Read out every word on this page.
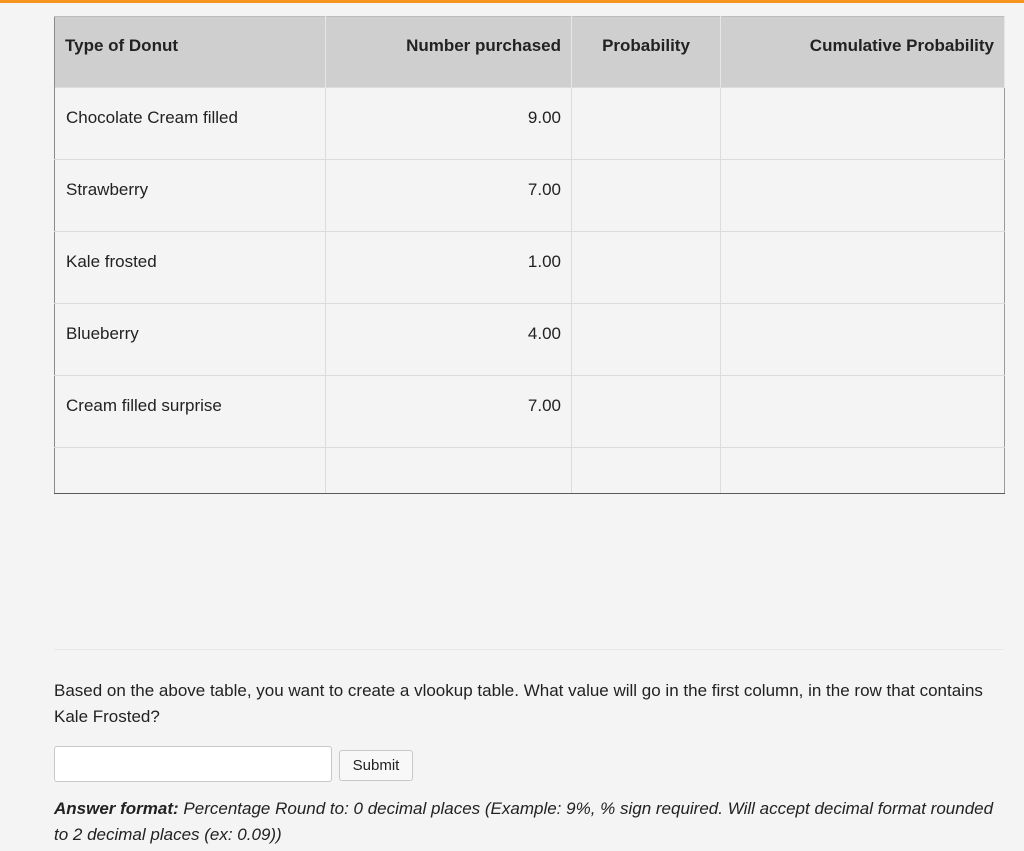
Type of Donut	Number purchased	Probability	Cumulative Probability
Chocolate Cream filled	9.00		
Strawberry	7.00		
Kale frosted	1.00		
Blueberry	4.00		
Cream filled surprise	7.00		

Based on the above table, you want to create a vlookup table. What value will go in the first column, in the row that contains Kale Frosted?
Submit
Answer format: Percentage Round to: 0 decimal places (Example: 9%, % sign required. Will accept decimal format rounded to 2 decimal places (ex: 0.09))
